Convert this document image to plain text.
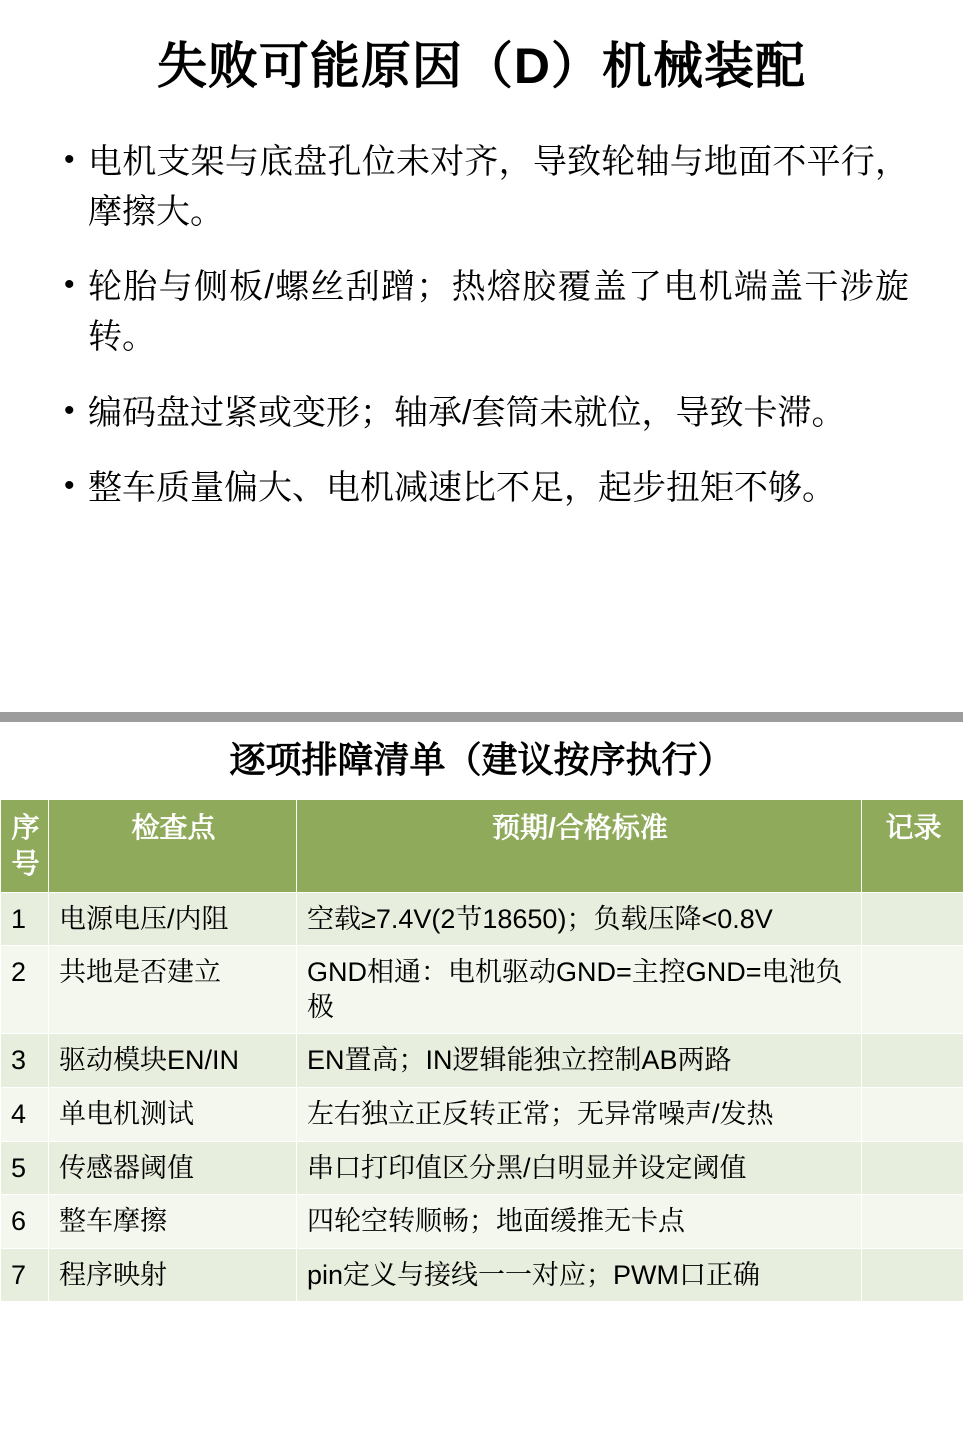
失败可能原因（D）机械装配
• 电机支架与底盘孔位未对齐，导致轮轴与地面不平行，摩擦大。
• 轮胎与侧板/螺丝刮蹭；热熔胶覆盖了电机端盖干涉旋转。
• 编码盘过紧或变形；轴承/套筒未就位，导致卡滞。
• 整车质量偏大、电机减速比不足，起步扭矩不够。
逐项排障清单（建议按序执行）
序号	检查点	预期/合格标准	记录
1	电源电压/内阻	空载≥7.4V(2节18650)；负载压降<0.8V	
2	共地是否建立	GND相通：电机驱动GND=主控GND=电池负极	
3	驱动模块EN/IN	EN置高；IN逻辑能独立控制AB两路	
4	单电机测试	左右独立正反转正常；无异常噪声/发热	
5	传感器阈值	串口打印值区分黑/白明显并设定阈值	
6	整车摩擦	四轮空转顺畅；地面缓推无卡点	
7	程序映射	pin定义与接线一一对应；PWM口正确	
